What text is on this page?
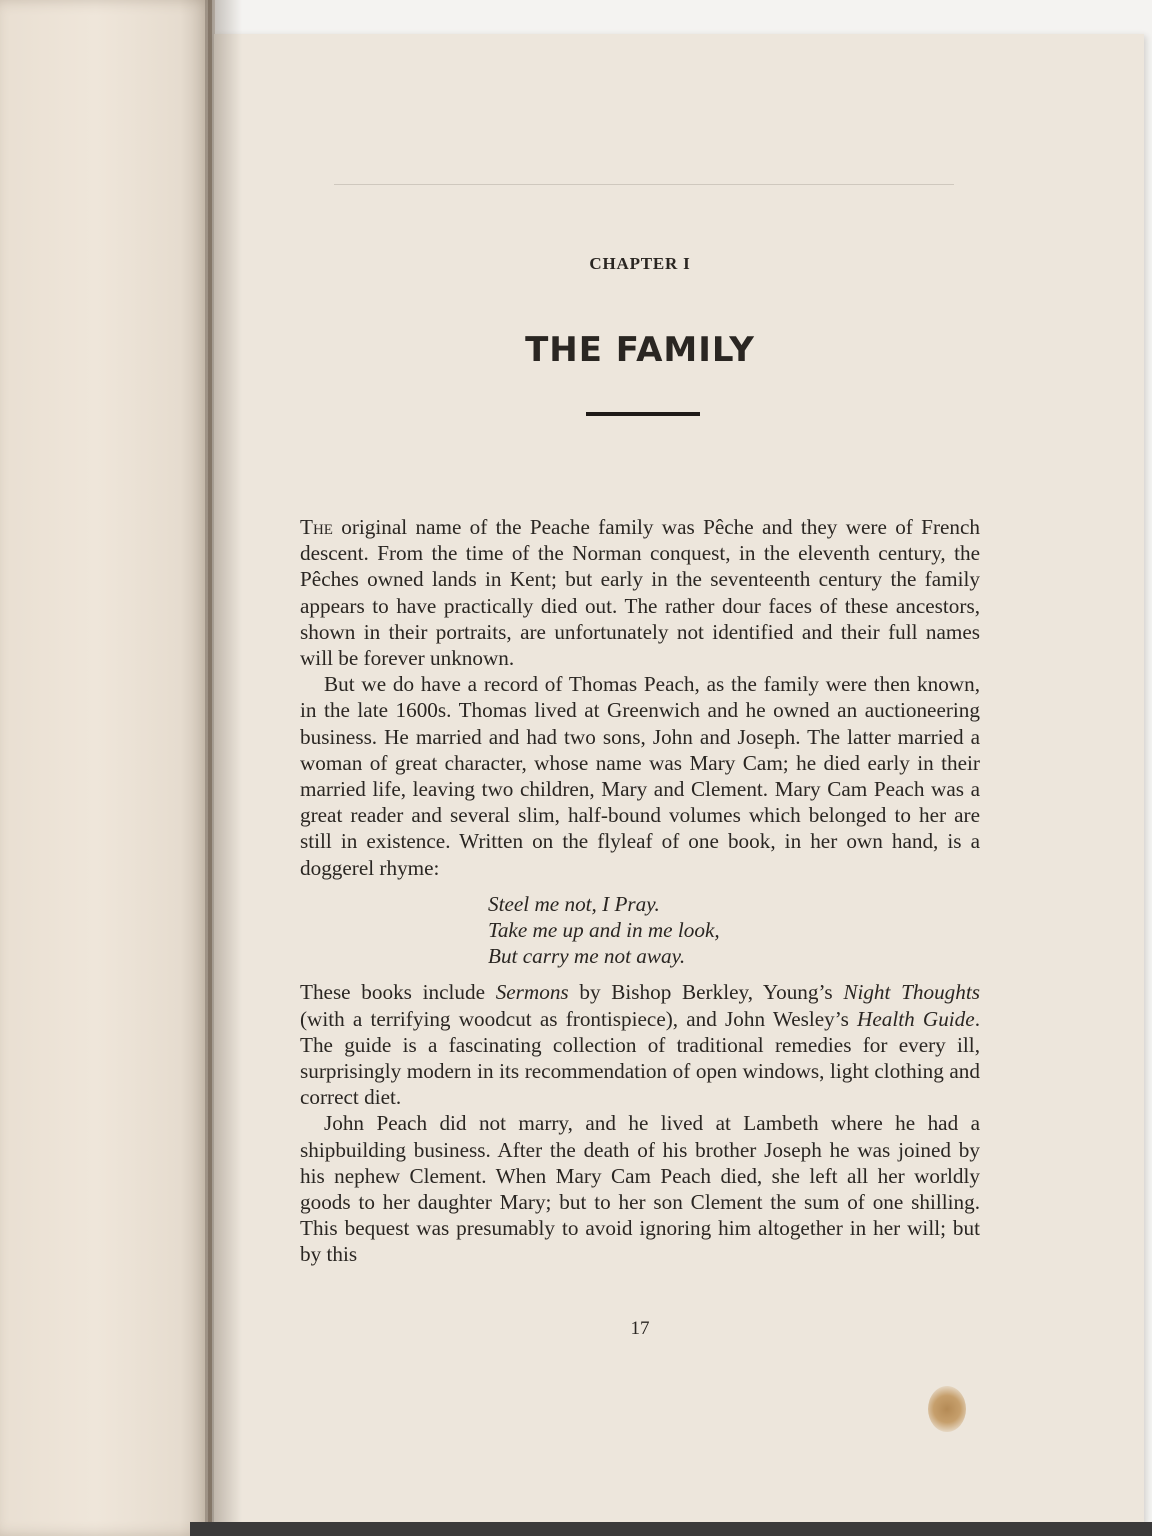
CHAPTER I
THE FAMILY

The original name of the Peache family was Pêche and they were of French descent. From the time of the Norman conquest, in the eleventh century, the Pêches owned lands in Kent; but early in the seventeenth century the family appears to have practically died out. The rather dour faces of these ancestors, shown in their portraits, are unfortunately not identified and their full names will be forever unknown.

But we do have a record of Thomas Peach, as the family were then known, in the late 1600s. Thomas lived at Greenwich and he owned an auctioneering business. He married and had two sons, John and Joseph. The latter married a woman of great character, whose name was Mary Cam; he died early in their married life, leaving two children, Mary and Clement. Mary Cam Peach was a great reader and several slim, half-bound volumes which belonged to her are still in existence. Written on the flyleaf of one book, in her own hand, is a doggerel rhyme:

Steel me not, I Pray.
Take me up and in me look,
But carry me not away.

These books include Sermons by Bishop Berkley, Young’s Night Thoughts (with a terrifying woodcut as frontispiece), and John Wesley’s Health Guide. The guide is a fascinating collection of traditional remedies for every ill, surprisingly modern in its recommendation of open windows, light clothing and correct diet.

John Peach did not marry, and he lived at Lambeth where he had a shipbuilding business. After the death of his brother Joseph he was joined by his nephew Clement. When Mary Cam Peach died, she left all her worldly goods to her daughter Mary; but to her son Clement the sum of one shilling. This bequest was presumably to avoid ignoring him altogether in her will; but by this

17
